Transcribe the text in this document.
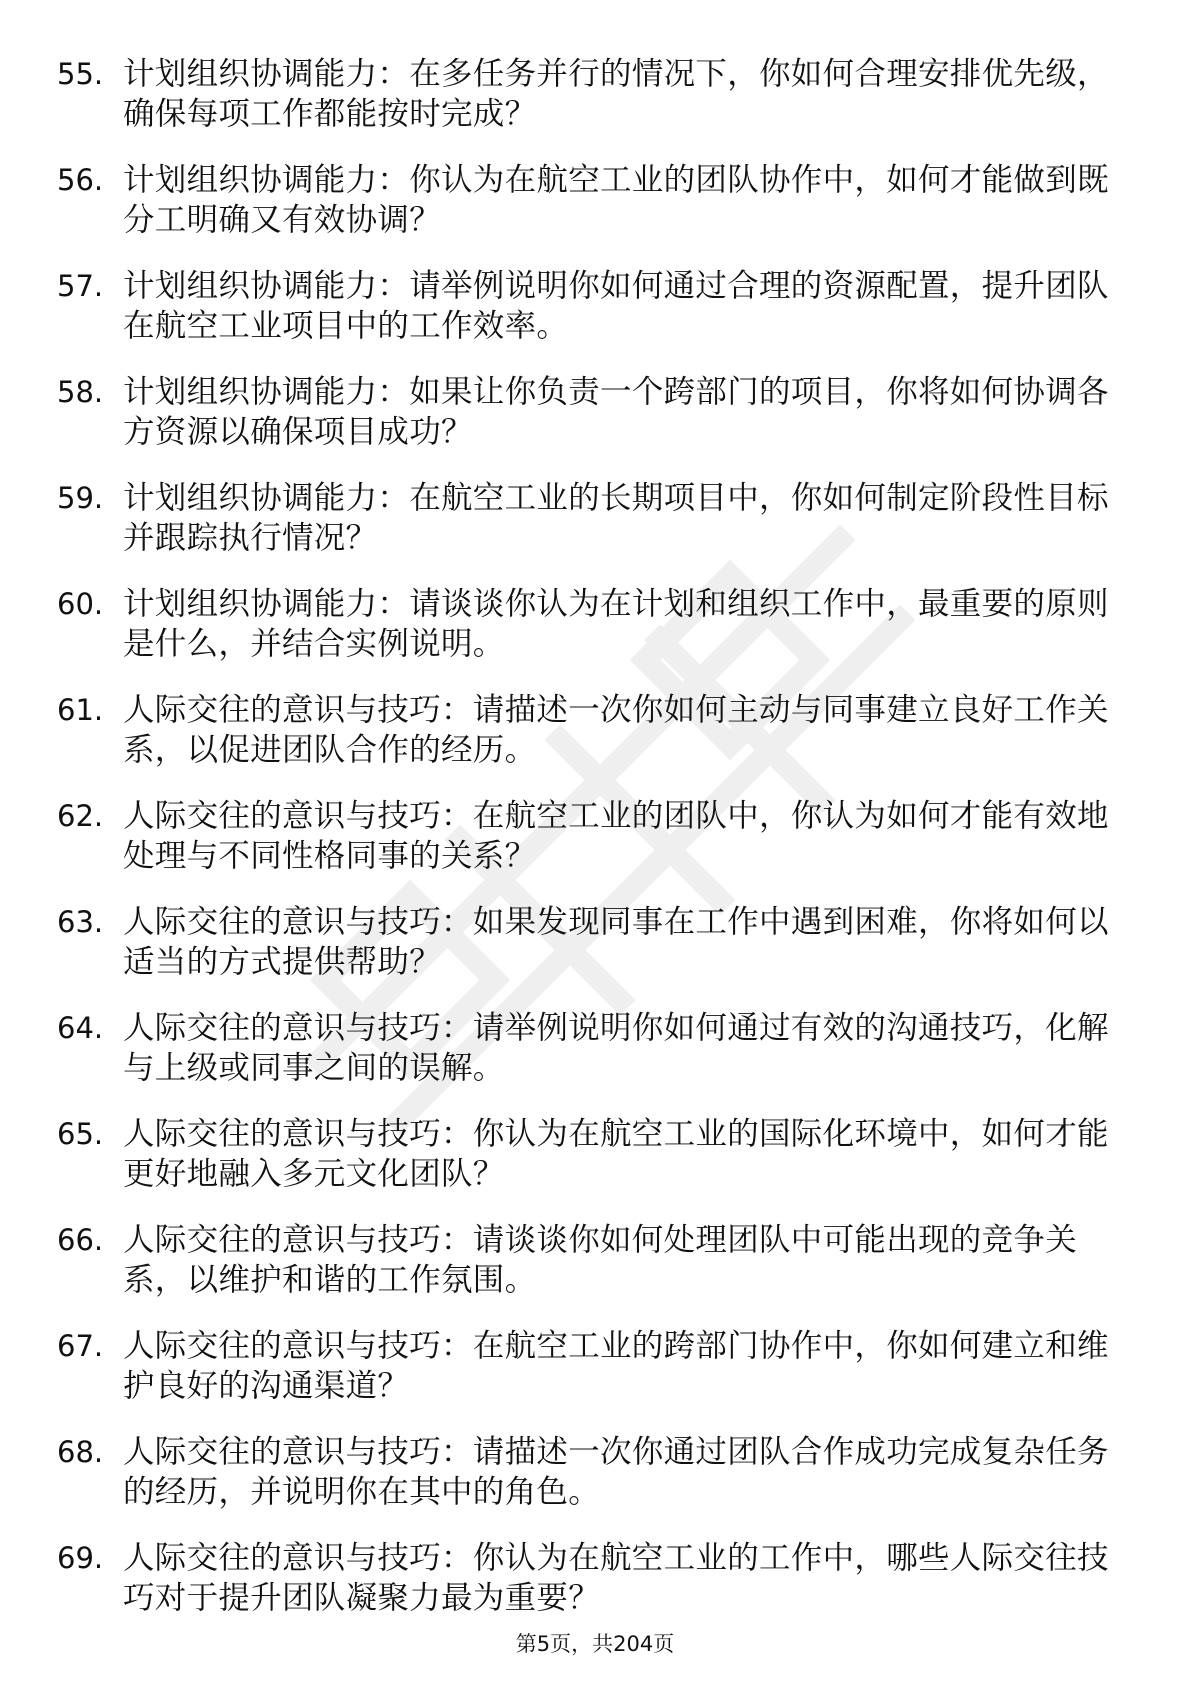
55. 计划组织协调能力：在多任务并行的情况下，你如何合理安排优先级，确保每项工作都能按时完成？
56. 计划组织协调能力：你认为在航空工业的团队协作中，如何才能做到既分工明确又有效协调？
57. 计划组织协调能力：请举例说明你如何通过合理的资源配置，提升团队在航空工业项目中的工作效率。
58. 计划组织协调能力：如果让你负责一个跨部门的项目，你将如何协调各方资源以确保项目成功？
59. 计划组织协调能力：在航空工业的长期项目中，你如何制定阶段性目标并跟踪执行情况？
60. 计划组织协调能力：请谈谈你认为在计划和组织工作中，最重要的原则是什么，并结合实例说明。
61. 人际交往的意识与技巧：请描述一次你如何主动与同事建立良好工作关系，以促进团队合作的经历。
62. 人际交往的意识与技巧：在航空工业的团队中，你认为如何才能有效地处理与不同性格同事的关系？
63. 人际交往的意识与技巧：如果发现同事在工作中遇到困难，你将如何以适当的方式提供帮助？
64. 人际交往的意识与技巧：请举例说明你如何通过有效的沟通技巧，化解与上级或同事之间的误解。
65. 人际交往的意识与技巧：你认为在航空工业的国际化环境中，如何才能更好地融入多元文化团队？
66. 人际交往的意识与技巧：请谈谈你如何处理团队中可能出现的竞争关系，以维护和谐的工作氛围。
67. 人际交往的意识与技巧：在航空工业的跨部门协作中，你如何建立和维护良好的沟通渠道？
68. 人际交往的意识与技巧：请描述一次你通过团队合作成功完成复杂任务的经历，并说明你在其中的角色。
69. 人际交往的意识与技巧：你认为在航空工业的工作中，哪些人际交往技巧对于提升团队凝聚力最为重要？
第5页，共204页
